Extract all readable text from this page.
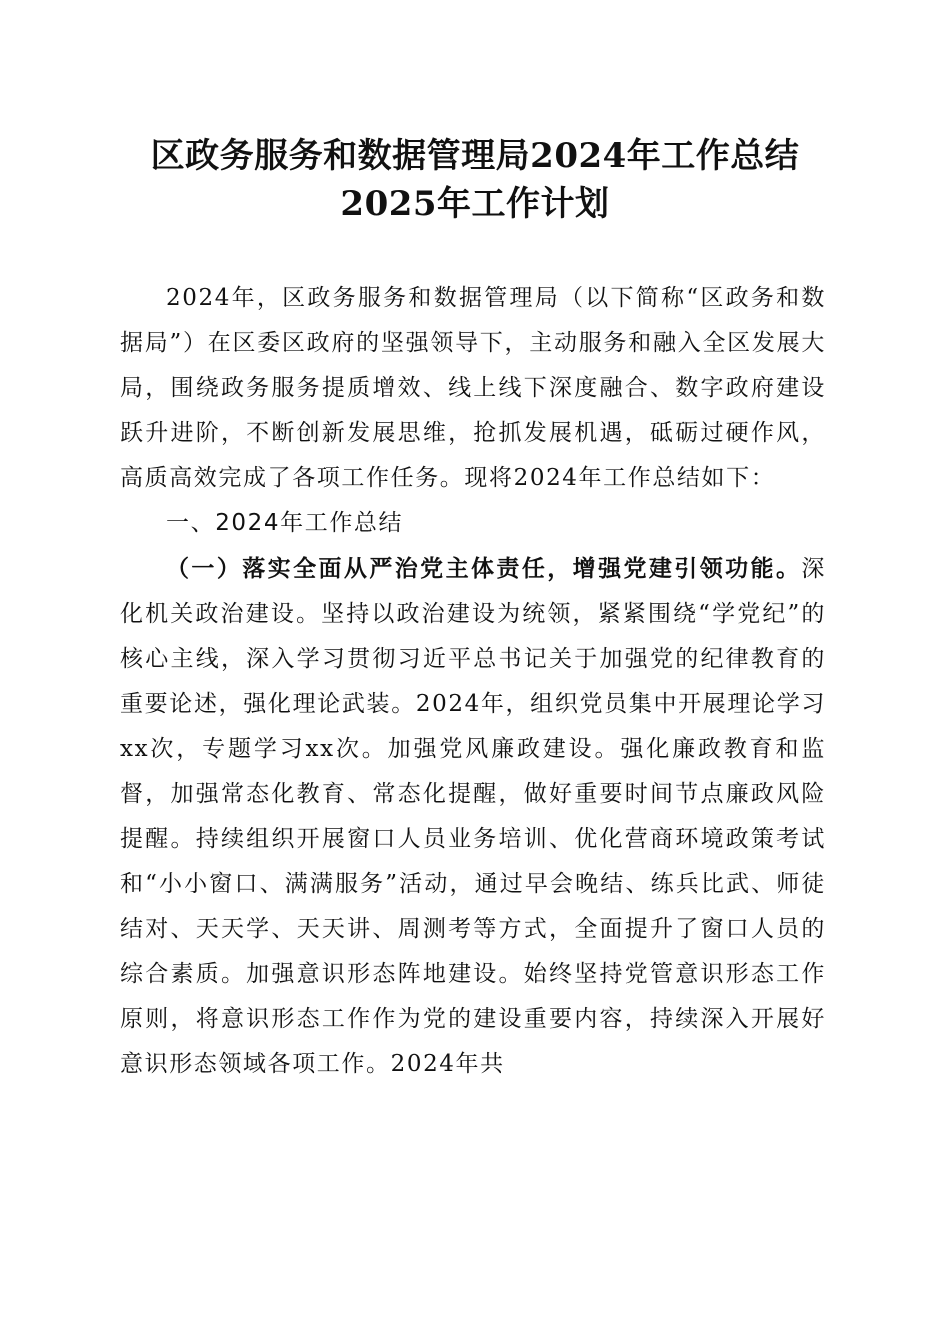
区政务服务和数据管理局2024年工作总结
2025年工作计划

2024年，区政务服务和数据管理局（以下简称“区政务和数据局”）在区委区政府的坚强领导下，主动服务和融入全区发展大局，围绕政务服务提质增效、线上线下深度融合、数字政府建设跃升进阶，不断创新发展思维，抢抓发展机遇，砥砺过硬作风，高质高效完成了各项工作任务。现将2024年工作总结如下：

一、2024年工作总结

（一）落实全面从严治党主体责任，增强党建引领功能。深化机关政治建设。坚持以政治建设为统领，紧紧围绕“学党纪”的核心主线，深入学习贯彻习近平总书记关于加强党的纪律教育的重要论述，强化理论武装。2024年，组织党员集中开展理论学习xx次，专题学习xx次。加强党风廉政建设。强化廉政教育和监督，加强常态化教育、常态化提醒，做好重要时间节点廉政风险提醒。持续组织开展窗口人员业务培训、优化营商环境政策考试和“小小窗口、满满服务”活动，通过早会晚结、练兵比武、师徒结对、天天学、天天讲、周测考等方式，全面提升了窗口人员的综合素质。加强意识形态阵地建设。始终坚持党管意识形态工作原则，将意识形态工作作为党的建设重要内容，持续深入开展好意识形态领域各项工作。2024年共
